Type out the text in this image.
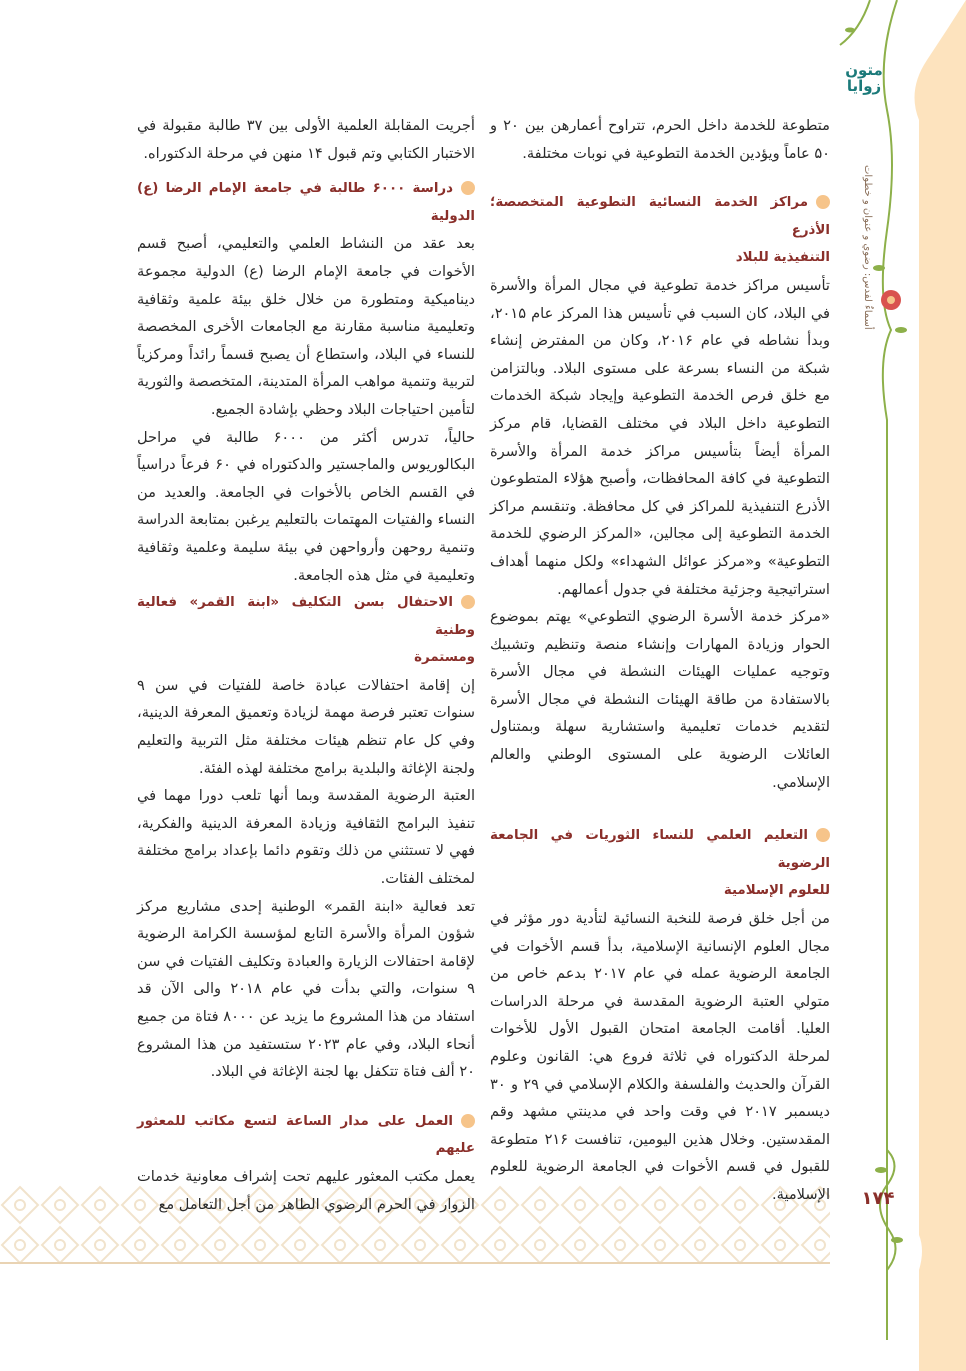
متون زوايا
أسماءٌ لفدس: رضوي و عنوان و خطوات
۱۷۴

متطوعة للخدمة داخل الحرم، تتراوح أعمارهن بين ۲۰ و ۵۰ عاماً ويؤدين الخدمة التطوعية في نوبات مختلفة.

مراكز الخدمة النسائية التطوعية المتخصصة؛ الأذرع
التنفيذية للبلاد

تأسيس مراكز خدمة تطوعية في مجال المرأة والأسرة في البلاد، كان السبب في تأسيس هذا المركز عام ۲۰۱۵، وبدأ نشاطه في عام ۲۰۱۶، وكان من المفترض إنشاء شبكة من النساء بسرعة على مستوى البلاد. وبالتزامن مع خلق فرص الخدمة التطوعية وإيجاد شبكة الخدمات التطوعية داخل البلاد في مختلف القضايا، قام مركز المرأة أيضاً بتأسيس مراكز خدمة المرأة والأسرة التطوعية في كافة المحافظات، وأصبح هؤلاء المتطوعون الأذرع التنفيذية للمراكز في كل محافظة. وتنقسم مراكز الخدمة التطوعية إلى مجالين، «المركز الرضوي للخدمة التطوعية» و«مركز عوائل الشهداء» ولكل منهما أهداف استراتيجية وجزئية مختلفة في جدول أعمالهم.

«مركز خدمة الأسرة الرضوي التطوعي» يهتم بموضوع الحوار وزيادة المهارات وإنشاء منصة وتنظيم وتشبيك وتوجيه عمليات الهيئات النشطة في مجال الأسرة بالاستفادة من طاقة الهيئات النشطة في مجال الأسرة لتقديم خدمات تعليمية واستشارية سهلة وبمتناول العائلات الرضوية على المستوى الوطني والعالم الإسلامي.

التعليم العلمي للنساء الثوريات في الجامعة الرضوية
للعلوم الإسلامية

من أجل خلق فرصة للنخبة النسائية لتأدية دور مؤثر في مجال العلوم الإنسانية الإسلامية، بدأ قسم الأخوات في الجامعة الرضوية عمله في عام ۲۰۱۷ بدعم خاص من متولي العتبة الرضوية المقدسة في مرحلة الدراسات العليا. أقامت الجامعة امتحان القبول الأول للأخوات لمرحلة الدكتوراه في ثلاثة فروع هي: القانون وعلوم القرآن والحديث والفلسفة والكلام الإسلامي في ۲۹ و ۳۰ ديسمبر ۲۰۱۷ في وقت واحد في مدينتي مشهد وقم المقدستين. وخلال هذين اليومين، تنافست ۲۱۶ متطوعة للقبول في قسم الأخوات في الجامعة الرضوية للعلوم الإسلامية.

أجريت المقابلة العلمية الأولى بين ۳۷ طالبة مقبولة في الاختبار الكتابي وتم قبول ۱۴ منهن في مرحلة الدكتوراه.

دراسة ۶۰۰۰ طالبة في جامعة الإمام الرضا (ع) الدولية

بعد عقد من النشاط العلمي والتعليمي، أصبح قسم الأخوات في جامعة الإمام الرضا (ع) الدولية مجموعة ديناميكية ومتطورة من خلال خلق بيئة علمية وثقافية وتعليمية مناسبة مقارنة مع الجامعات الأخرى المخصصة للنساء في البلاد، واستطاع أن يصبح قسماً رائداً ومركزياً لتربية وتنمية مواهب المرأة المتدينة، المتخصصة والثورية لتأمين احتياجات البلاد وحظي بإشادة الجميع.

حالياً، تدرس أكثر من ۶۰۰۰ طالبة في مراحل البكالوريوس والماجستير والدكتوراه في ۶۰ فرعاً دراسياً في القسم الخاص بالأخوات في الجامعة. والعديد من النساء والفتيات المهتمات بالتعليم يرغبن بمتابعة الدراسة وتنمية روحهن وأرواحهن في بيئة سليمة وعلمية وثقافية وتعليمية في مثل هذه الجامعة.

الاحتفال بسن التكليف «ابنة القمر» فعالية وطنية
ومستمرة

إن إقامة احتفالات عبادة خاصة للفتيات في سن ۹ سنوات تعتبر فرصة مهمة لزيادة وتعميق المعرفة الدينية، وفي كل عام تنظم هيئات مختلفة مثل التربية والتعليم ولجنة الإغاثة والبلدية برامج مختلفة لهذه الفئة.

العتبة الرضوية المقدسة وبما أنها تلعب دورا مهما في تنفيذ البرامج الثقافية وزيادة المعرفة الدينية والفكرية، فهي لا تستثني من ذلك وتقوم دائما بإعداد برامج مختلفة لمختلف الفئات.

تعد فعالية «ابنة القمر» الوطنية إحدى مشاريع مركز شؤون المرأة والأسرة التابع لمؤسسة الكرامة الرضوية لإقامة احتفالات الزيارة والعبادة وتكليف الفتيات في سن ۹ سنوات، والتي بدأت في عام ۲۰۱۸ والى الآن قد استفاد من هذا المشروع ما يزيد عن ۸۰۰۰ فتاة من جميع أنحاء البلاد، وفي عام ۲۰۲۳ ستستفيد من هذا المشروع ۲۰ ألف فتاة تتكفل بها لجنة الإغاثة في البلاد.

العمل على مدار الساعة لتسع مكاتب للمعثور عليهم

يعمل مكتب المعثور عليهم تحت إشراف معاونية خدمات الزوار في الحرم الرضوي الطاهر من أجل التعامل مع
